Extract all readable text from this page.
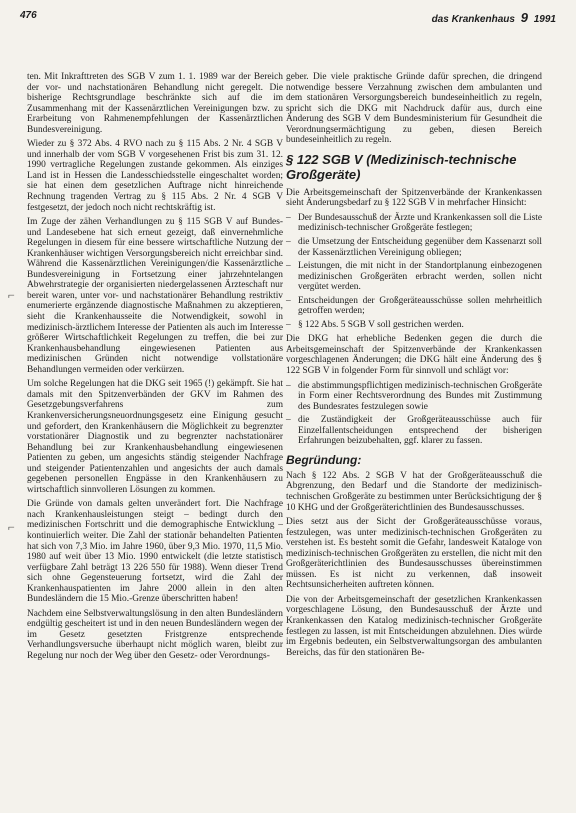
476	das Krankenhaus 9 1991
⌐
⌐

ten. Mit Inkrafttreten des SGB V zum 1. 1. 1989 war der Bereich der vor- und nachstationären Behandlung nicht geregelt. Die bisherige Rechtsgrundlage beschränkte sich auf die im Zusammenhang mit der Kassenärztlichen Vereinigungen bzw. zu Erarbeitung von Rahmenempfehlungen der Kassenärztlichen Bundesvereinigung.

Wieder zu § 372 Abs. 4 RVO nach zu § 115 Abs. 2 Nr. 4 SGB V und innerhalb der vom SGB V vorgesehenen Frist bis zum 31. 12. 1990 vertragliche Regelungen zustande gekommen. Als einziges Land ist in Hessen die Landesschiedsstelle eingeschaltet worden; sie hat einen dem gesetzlichen Auftrage nicht hinreichende Rechnung tragenden Vertrag zu § 115 Abs. 2 Nr. 4 SGB V festgesetzt, der jedoch noch nicht rechtskräftig ist.

Im Zuge der zähen Verhandlungen zu § 115 SGB V auf Bundes- und Landesebene hat sich erneut gezeigt, daß einvernehmliche Regelungen in diesem für eine bessere wirtschaftliche Nutzung der Krankenhäuser wichtigen Versorgungsbereich nicht erreichbar sind. Während die Kassenärztlichen Vereinigungen/die Kassenärztliche Bundesvereinigung in Fortsetzung einer jahrzehntelangen Abwehrstrategie der organisierten niedergelassenen Ärzteschaft nur bereit waren, unter vor- und nachstationärer Behandlung restriktiv enumerierte ergänzende diagnostische Maßnahmen zu akzeptieren, sieht die Krankenhausseite die Notwendigkeit, sowohl in medizinisch-ärztlichem Interesse der Patienten als auch im Interesse größerer Wirtschaftlichkeit Regelungen zu treffen, die bei zur Krankenhausbehandlung eingewiesenen Patienten aus medizinischen Gründen nicht notwendige vollstationäre Behandlungen vermeiden oder verkürzen.

Um solche Regelungen hat die DKG seit 1965 (!) gekämpft. Sie hat damals mit den Spitzenverbänden der GKV im Rahmen des Gesetzgebungsverfahrens zum Krankenversicherungsneuordnungsgesetz eine Einigung gesucht und gefordert, den Krankenhäusern die Möglichkeit zu begrenzter vorstationärer Diagnostik und zu begrenzter nachstationärer Behandlung bei zur Krankenhausbehandlung eingewiesenen Patienten zu geben, um angesichts ständig steigender Nachfrage und steigender Patientenzahlen und angesichts der auch damals gegebenen personellen Engpässe in den Krankenhäusern zu wirtschaftlich sinnvolleren Lösungen zu kommen.

Die Gründe von damals gelten unverändert fort. Die Nachfrage nach Krankenhausleistungen steigt – bedingt durch den medizinischen Fortschritt und die demographische Entwicklung – kontinuierlich weiter. Die Zahl der stationär behandelten Patienten hat sich von 7,3 Mio. im Jahre 1960, über 9,3 Mio. 1970, 11,5 Mio. 1980 auf weit über 13 Mio. 1990 entwickelt (die letzte statistisch verfügbare Zahl beträgt 13 226 550 für 1988). Wenn dieser Trend sich ohne Gegensteuerung fortsetzt, wird die Zahl der Krankenhauspatienten im Jahre 2000 allein in den alten Bundesländern die 15 Mio.-Grenze überschritten haben!

Nachdem eine Selbstverwaltungslösung in den alten Bundesländern endgültig gescheitert ist und in den neuen Bundesländern wegen der im Gesetz gesetzten Fristgrenze entsprechende Verhandlungsversuche überhaupt nicht möglich waren, bleibt zur Regelung nur noch der Weg über den Gesetz- oder Verordnungs-

geber. Die viele praktische Gründe dafür sprechen, die dringend notwendige bessere Verzahnung zwischen dem ambulanten und dem stationären Versorgungsbereich bundeseinheitlich zu regeln, spricht sich die DKG mit Nachdruck dafür aus, durch eine Änderung des SGB V dem Bundesministerium für Gesundheit die Verordnungsermächtigung zu geben, diesen Bereich bundeseinheitlich zu regeln.

§ 122 SGB V (Medizinisch-technische Großgeräte)

Die Arbeitsgemeinschaft der Spitzenverbände der Krankenkassen sieht Änderungsbedarf zu § 122 SGB V in mehrfacher Hinsicht:

– Der Bundesausschuß der Ärzte und Krankenkassen soll die Liste medizinisch-technischer Großgeräte festlegen;
– die Umsetzung der Entscheidung gegenüber dem Kassenarzt soll der Kassenärztlichen Vereinigung obliegen;
– Leistungen, die mit nicht in der Standortplanung einbezogenen medizinischen Großgeräten erbracht werden, sollen nicht vergütet werden.
– Entscheidungen der Großgeräteausschüsse sollen mehrheitlich getroffen werden;
– § 122 Abs. 5 SGB V soll gestrichen werden.

Die DKG hat erhebliche Bedenken gegen die durch die Arbeitsgemeinschaft der Spitzenverbände der Krankenkassen vorgeschlagenen Änderungen; die DKG hält eine Änderung des § 122 SGB V in folgender Form für sinnvoll und schlägt vor:

– die abstimmungspflichtigen medizinisch-technischen Großgeräte in Form einer Rechtsverordnung des Bundes mit Zustimmung des Bundesrates festzulegen sowie
– die Zuständigkeit der Großgeräteausschüsse auch für Einzelfallentscheidungen entsprechend der bisherigen Erfahrungen beizubehalten, ggf. klarer zu fassen.
Begründung:

Nach § 122 Abs. 2 SGB V hat der Großgeräteausschuß die Abgrenzung, den Bedarf und die Standorte der medizinisch-technischen Großgeräte zu bestimmen unter Berücksichtigung der § 10 KHG und der Großgeräterichtlinien des Bundesausschusses.

Dies setzt aus der Sicht der Großgeräteausschüsse voraus, festzulegen, was unter medizinisch-technischen Großgeräten zu verstehen ist. Es besteht somit die Gefahr, landesweit Kataloge von medizinisch-technischen Großgeräten zu erstellen, die nicht mit den Großgeräterichtlinien des Bundesausschusses übereinstimmen müssen. Es ist nicht zu verkennen, daß insoweit Rechtsunsicherheiten auftreten können.

Die von der Arbeitsgemeinschaft der gesetzlichen Krankenkassen vorgeschlagene Lösung, den Bundesausschuß der Ärzte und Krankenkassen den Katalog medizinisch-technischer Großgeräte festlegen zu lassen, ist mit Entscheidungen abzulehnen. Dies würde im Ergebnis bedeuten, ein Selbstverwaltungsorgan des ambulanten Bereichs, das für den stationären Be-
